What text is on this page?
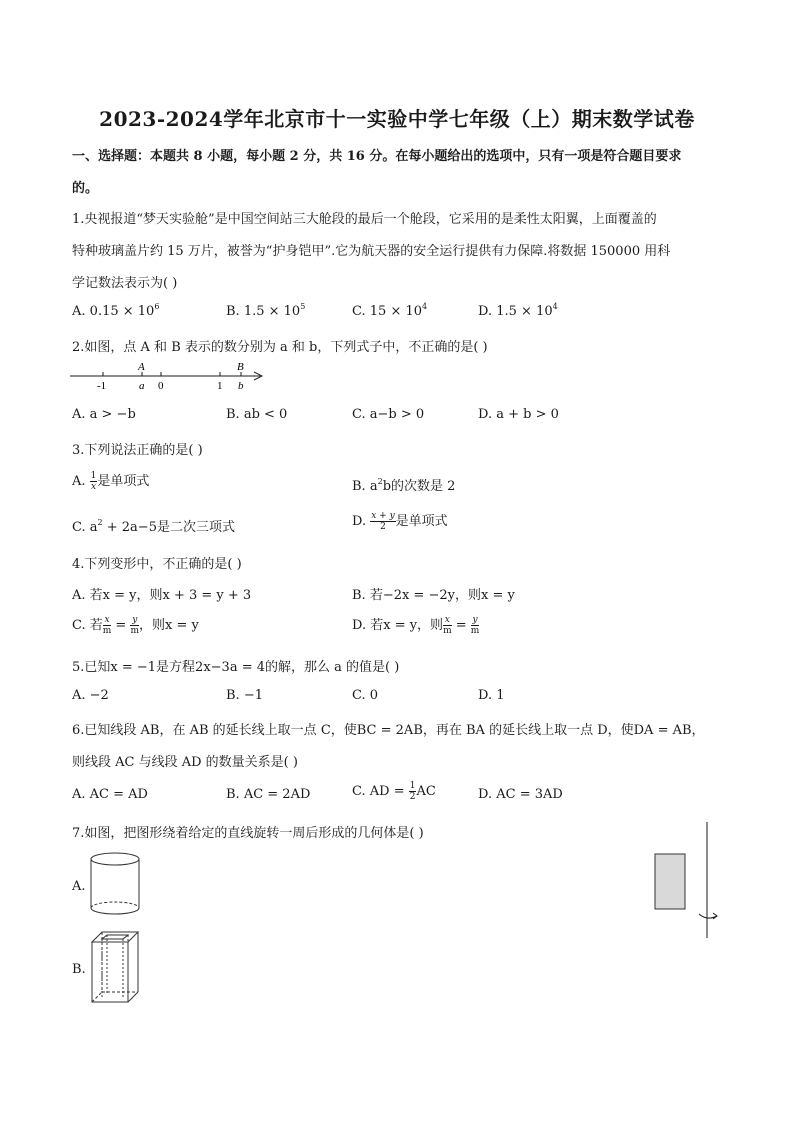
2023-2024学年北京市十一实验中学七年级（上）期末数学试卷
一、选择题：本题共 8 小题，每小题 2 分，共 16 分。在每小题给出的选项中，只有一项是符合题目要求
的。
1.央视报道“梦天实验舱”是中国空间站三大舱段的最后一个舱段，它采用的是柔性太阳翼，上面覆盖的
特种玻璃盖片约 15 万片，被誉为“护身铠甲”.它为航天器的安全运行提供有力保障.将数据 150000 用科
学记数法表示为( )
A. $0.15 \times 10^6$	B. $1.5 \times 10^5$	C. $15 \times 10^4$	D. $1.5 \times 10^4$
2.如图，点 A 和 B 表示的数分别为 a 和 b，下列式子中，不正确的是( )
A	B
-1	a 0	1 b
A. a > −b	B. ab < 0	C. a−b > 0	D. a + b > 0
3.下列说法正确的是( )
A. $\frac{1}{x}$ 是单项式	B. $a^2b$的次数是 2
C. $a^2 + 2a-5$是二次三项式	D. $\frac{x + y}{2}$ 是单项式
4.下列变形中，不正确的是( )
A. 若x = y，则x + 3 = y + 3	B. 若−2x = −2y，则x = y
C. 若 $\frac{x}{m} = \frac{y}{m}$ ，则x = y	D. 若x = y，则 $\frac{x}{m} = \frac{y}{m}$
5.已知x = −1是方程2x−3a = 4的解，那么 a 的值是( )
A. −2	B. −1	C. 0	D. 1
6.已知线段 AB，在 AB 的延长线上取一点 C，使BC = 2AB，再在 BA 的延长线上取一点 D，使DA = AB，
则线段 AC 与线段 AD 的数量关系是( )
A. AC = AD	B. AC = 2AD	C. AD = $\frac{1}{2}$ AC	D. AC = 3AD
7.如图，把图形绕着给定的直线旋转一周后形成的几何体是( )
A.
B.
